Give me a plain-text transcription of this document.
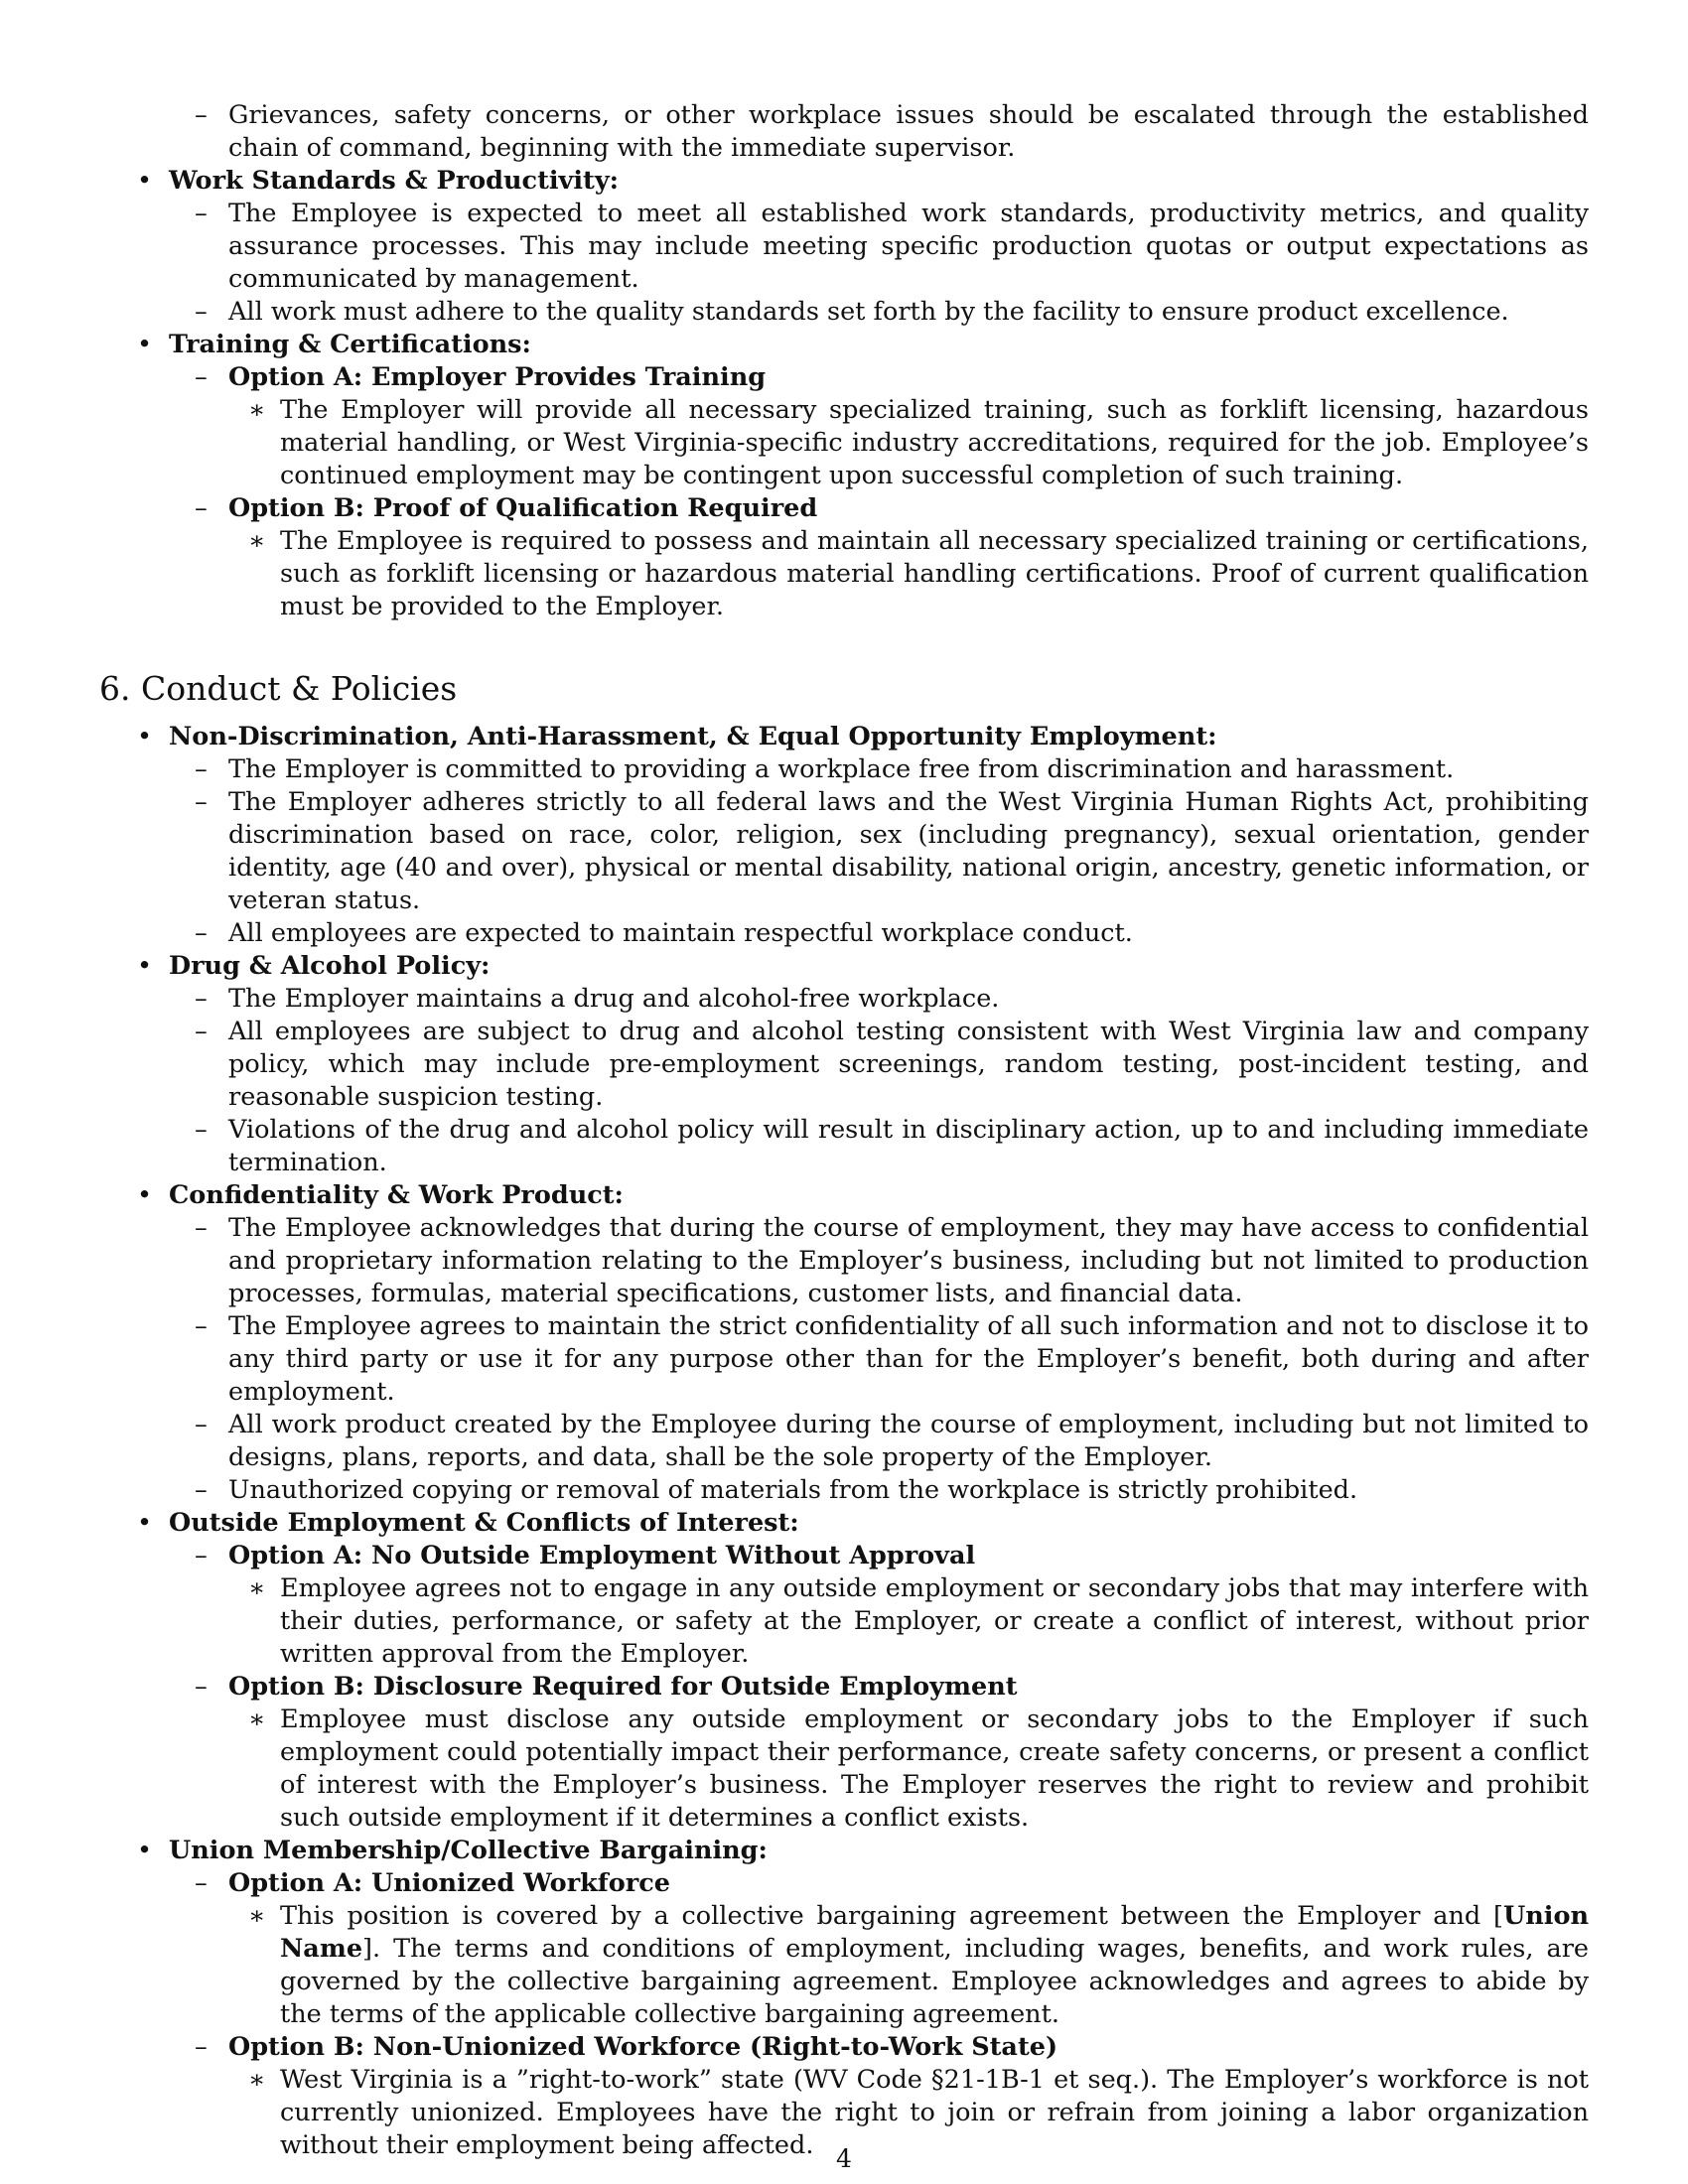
– Grievances, safety concerns, or other workplace issues should be escalated through the established chain of command, beginning with the immediate supervisor.
• Work Standards & Productivity:
– The Employee is expected to meet all established work standards, productivity metrics, and quality assurance processes. This may include meeting specific production quotas or output expectations as communicated by management.
– All work must adhere to the quality standards set forth by the facility to ensure product excellence.
• Training & Certifications:
– Option A: Employer Provides Training
∗ The Employer will provide all necessary specialized training, such as forklift licensing, hazardous material handling, or West Virginia-specific industry accreditations, required for the job. Employee’s continued employment may be contingent upon successful completion of such training.
– Option B: Proof of Qualification Required
∗ The Employee is required to possess and maintain all necessary specialized training or certifications, such as forklift licensing or hazardous material handling certifications. Proof of current qualification must be provided to the Employer.
6. Conduct & Policies
• Non-Discrimination, Anti-Harassment, & Equal Opportunity Employment:
– The Employer is committed to providing a workplace free from discrimination and harassment.
– The Employer adheres strictly to all federal laws and the West Virginia Human Rights Act, prohibiting discrimination based on race, color, religion, sex (including pregnancy), sexual orientation, gender identity, age (40 and over), physical or mental disability, national origin, ancestry, genetic information, or veteran status.
– All employees are expected to maintain respectful workplace conduct.
• Drug & Alcohol Policy:
– The Employer maintains a drug and alcohol-free workplace.
– All employees are subject to drug and alcohol testing consistent with West Virginia law and company policy, which may include pre-employment screenings, random testing, post-incident testing, and reasonable suspicion testing.
– Violations of the drug and alcohol policy will result in disciplinary action, up to and including immediate termination.
• Confidentiality & Work Product:
– The Employee acknowledges that during the course of employment, they may have access to confidential and proprietary information relating to the Employer’s business, including but not limited to production processes, formulas, material specifications, customer lists, and financial data.
– The Employee agrees to maintain the strict confidentiality of all such information and not to disclose it to any third party or use it for any purpose other than for the Employer’s benefit, both during and after employment.
– All work product created by the Employee during the course of employment, including but not limited to designs, plans, reports, and data, shall be the sole property of the Employer.
– Unauthorized copying or removal of materials from the workplace is strictly prohibited.
• Outside Employment & Conflicts of Interest:
– Option A: No Outside Employment Without Approval
∗ Employee agrees not to engage in any outside employment or secondary jobs that may interfere with their duties, performance, or safety at the Employer, or create a conflict of interest, without prior written approval from the Employer.
– Option B: Disclosure Required for Outside Employment
∗ Employee must disclose any outside employment or secondary jobs to the Employer if such employment could potentially impact their performance, create safety concerns, or present a conflict of interest with the Employer’s business. The Employer reserves the right to review and prohibit such outside employment if it determines a conflict exists.
• Union Membership/Collective Bargaining:
– Option A: Unionized Workforce
∗ This position is covered by a collective bargaining agreement between the Employer and [Union Name]. The terms and conditions of employment, including wages, benefits, and work rules, are governed by the collective bargaining agreement. Employee acknowledges and agrees to abide by the terms of the applicable collective bargaining agreement.
– Option B: Non-Unionized Workforce (Right-to-Work State)
∗ West Virginia is a ”right-to-work” state (WV Code §21-1B-1 et seq.). The Employer’s workforce is not currently unionized. Employees have the right to join or refrain from joining a labor organization without their employment being affected. 4
